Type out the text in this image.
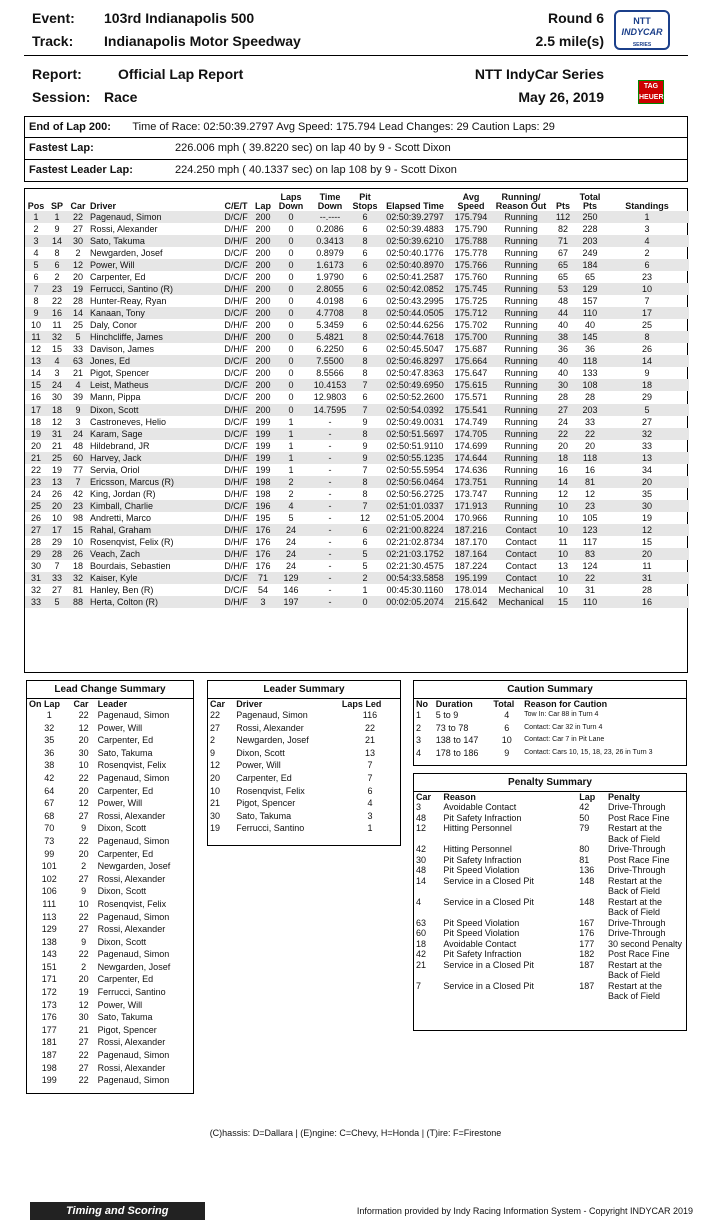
Event: 103rd Indianapolis 500
Track: Indianapolis Motor Speedway
Report:	Official Lap Report
Session: Race
Round 6
2.5 mile(s)
NTT IndyCar Series
May 26, 2019
NTT
INDYCAR
SERIES
TAG HEUER
End of Lap 200: Time of Race: 02:50:39.2797 Avg Speed: 175.794 Lead Changes: 29 Caution Laps: 29
Fastest Lap:	226.006 mph ( 39.8220 sec) on lap 40 by 9 - Scott Dixon
Fastest Leader Lap:	224.250 mph ( 40.1337 sec) on lap 108 by 9 - Scott Dixon
Pos	SP	Car	Driver	C/E/T	Lap	Laps Down	Time Down	Pit Stops	Elapsed Time	Avg Speed	Running/ Reason Out	Pts	Total Pts	Standings
1	1	22	Pagenaud, Simon	D/C/F	200	0	--.----	6	02:50:39.2797	175.794	Running	112	250	1
2	9	27	Rossi, Alexander	D/H/F	200	0	0.2086	6	02:50:39.4883	175.790	Running	82	228	3
3	14	30	Sato, Takuma	D/H/F	200	0	0.3413	8	02:50:39.6210	175.788	Running	71	203	4
4	8	2	Newgarden, Josef	D/C/F	200	0	0.8979	6	02:50:40.1776	175.778	Running	67	249	2
5	6	12	Power, Will	D/C/F	200	0	1.6173	6	02:50:40.8970	175.766	Running	65	184	6
6	2	20	Carpenter, Ed	D/C/F	200	0	1.9790	6	02:50:41.2587	175.760	Running	65	65	23
7	23	19	Ferrucci, Santino (R)	D/H/F	200	0	2.8055	6	02:50:42.0852	175.745	Running	53	129	10
8	22	28	Hunter-Reay, Ryan	D/H/F	200	0	4.0198	6	02:50:43.2995	175.725	Running	48	157	7
9	16	14	Kanaan, Tony	D/C/F	200	0	4.7708	8	02:50:44.0505	175.712	Running	44	110	17
10	11	25	Daly, Conor	D/H/F	200	0	5.3459	6	02:50:44.6256	175.702	Running	40	40	25
11	32	5	Hinchcliffe, James	D/H/F	200	0	5.4821	8	02:50:44.7618	175.700	Running	38	145	8
12	15	33	Davison, James	D/H/F	200	0	6.2250	6	02:50:45.5047	175.687	Running	36	36	26
13	4	63	Jones, Ed	D/C/F	200	0	7.5500	8	02:50:46.8297	175.664	Running	40	118	14
14	3	21	Pigot, Spencer	D/C/F	200	0	8.5566	8	02:50:47.8363	175.647	Running	40	133	9
15	24	4	Leist, Matheus	D/C/F	200	0	10.4153	7	02:50:49.6950	175.615	Running	30	108	18
16	30	39	Mann, Pippa	D/C/F	200	0	12.9803	6	02:50:52.2600	175.571	Running	28	28	29
17	18	9	Dixon, Scott	D/H/F	200	0	14.7595	7	02:50:54.0392	175.541	Running	27	203	5
18	12	3	Castroneves, Helio	D/C/F	199	1	-	9	02:50:49.0031	174.749	Running	24	33	27
19	31	24	Karam, Sage	D/C/F	199	1	-	8	02:50:51.5697	174.705	Running	22	22	32
20	21	48	Hildebrand, JR	D/C/F	199	1	-	9	02:50:51.9110	174.699	Running	20	20	33
21	25	60	Harvey, Jack	D/H/F	199	1	-	9	02:50:55.1235	174.644	Running	18	118	13
22	19	77	Servia, Oriol	D/H/F	199	1	-	7	02:50:55.5954	174.636	Running	16	16	34
23	13	7	Ericsson, Marcus (R)	D/H/F	198	2	-	8	02:50:56.0464	173.751	Running	14	81	20
24	26	42	King, Jordan (R)	D/H/F	198	2	-	8	02:50:56.2725	173.747	Running	12	12	35
25	20	23	Kimball, Charlie	D/C/F	196	4	-	7	02:51:01.0337	171.913	Running	10	23	30
26	10	98	Andretti, Marco	D/H/F	195	5	-	12	02:51:05.2004	170.966	Running	10	105	19
27	17	15	Rahal, Graham	D/H/F	176	24	-	6	02:21:00.8224	187.216	Contact	10	123	12
28	29	10	Rosenqvist, Felix (R)	D/H/F	176	24	-	6	02:21:02.8734	187.170	Contact	11	117	15
29	28	26	Veach, Zach	D/H/F	176	24	-	5	02:21:03.1752	187.164	Contact	10	83	20
30	7	18	Bourdais, Sebastien	D/H/F	176	24	-	5	02:21:30.4575	187.224	Contact	13	124	11
31	33	32	Kaiser, Kyle	D/C/F	71	129	-	2	00:54:33.5858	195.199	Contact	10	22	31
32	27	81	Hanley, Ben (R)	D/C/F	54	146	-	1	00:45:30.1160	178.014	Mechanical	10	31	28
33	5	88	Herta, Colton (R)	D/H/F	3	197	-	0	00:02:05.2074	215.642	Mechanical	15	110	16
Lead Change Summary
On Lap	Car	Leader
1	22	Pagenaud, Simon
32	12	Power, Will
35	20	Carpenter, Ed
36	30	Sato, Takuma
38	10	Rosenqvist, Felix
42	22	Pagenaud, Simon
64	20	Carpenter, Ed
67	12	Power, Will
68	27	Rossi, Alexander
70	9	Dixon, Scott
73	22	Pagenaud, Simon
99	20	Carpenter, Ed
101	2	Newgarden, Josef
102	27	Rossi, Alexander
106	9	Dixon, Scott
111	10	Rosenqvist, Felix
113	22	Pagenaud, Simon
129	27	Rossi, Alexander
138	9	Dixon, Scott
143	22	Pagenaud, Simon
151	2	Newgarden, Josef
171	20	Carpenter, Ed
172	19	Ferrucci, Santino
173	12	Power, Will
176	30	Sato, Takuma
177	21	Pigot, Spencer
181	27	Rossi, Alexander
187	22	Pagenaud, Simon
198	27	Rossi, Alexander
199	22	Pagenaud, Simon
Leader Summary
Car	Driver	Laps Led
22	Pagenaud, Simon	116
27	Rossi, Alexander	22
2	Newgarden, Josef	21
9	Dixon, Scott	13
12	Power, Will	7
20	Carpenter, Ed	7
10	Rosenqvist, Felix	6
21	Pigot, Spencer	4
30	Sato, Takuma	3
19	Ferrucci, Santino	1
Caution Summary
No	Duration	Total	Reason for Caution
1	5 to 9	4	Tow In: Car 88 in Turn 4
2	73 to 78	6	Contact: Car 32 in Turn 4
3	138 to 147	10	Contact: Car 7 in Pit Lane
4	178 to 186	9	Contact: Cars 10, 15, 18, 23, 26 in Turn 3
Penalty Summary
Car	Reason	Lap	Penalty
3	Avoidable Contact	42	Drive-Through
48	Pit Safety Infraction	50	Post Race Fine
12	Hitting Personnel	79	Restart at the Back of Field
42	Hitting Personnel	80	Drive-Through
30	Pit Safety Infraction	81	Post Race Fine
48	Pit Speed Violation	136	Drive-Through
14	Service in a Closed Pit	148	Restart at the Back of Field
4	Service in a Closed Pit	148	Restart at the Back of Field
63	Pit Speed Violation	167	Drive-Through
60	Pit Speed Violation	176	Drive-Through
18	Avoidable Contact	177	30 second Penalty
42	Pit Safety Infraction	182	Post Race Fine
21	Service in a Closed Pit	187	Restart at the Back of Field
7	Service in a Closed Pit	187	Restart at the Back of Field
(C)hassis: D=Dallara | (E)ngine: C=Chevy, H=Honda | (T)ire: F=Firestone
Timing and Scoring	Information provided by Indy Racing Information System - Copyright INDYCAR 2019
